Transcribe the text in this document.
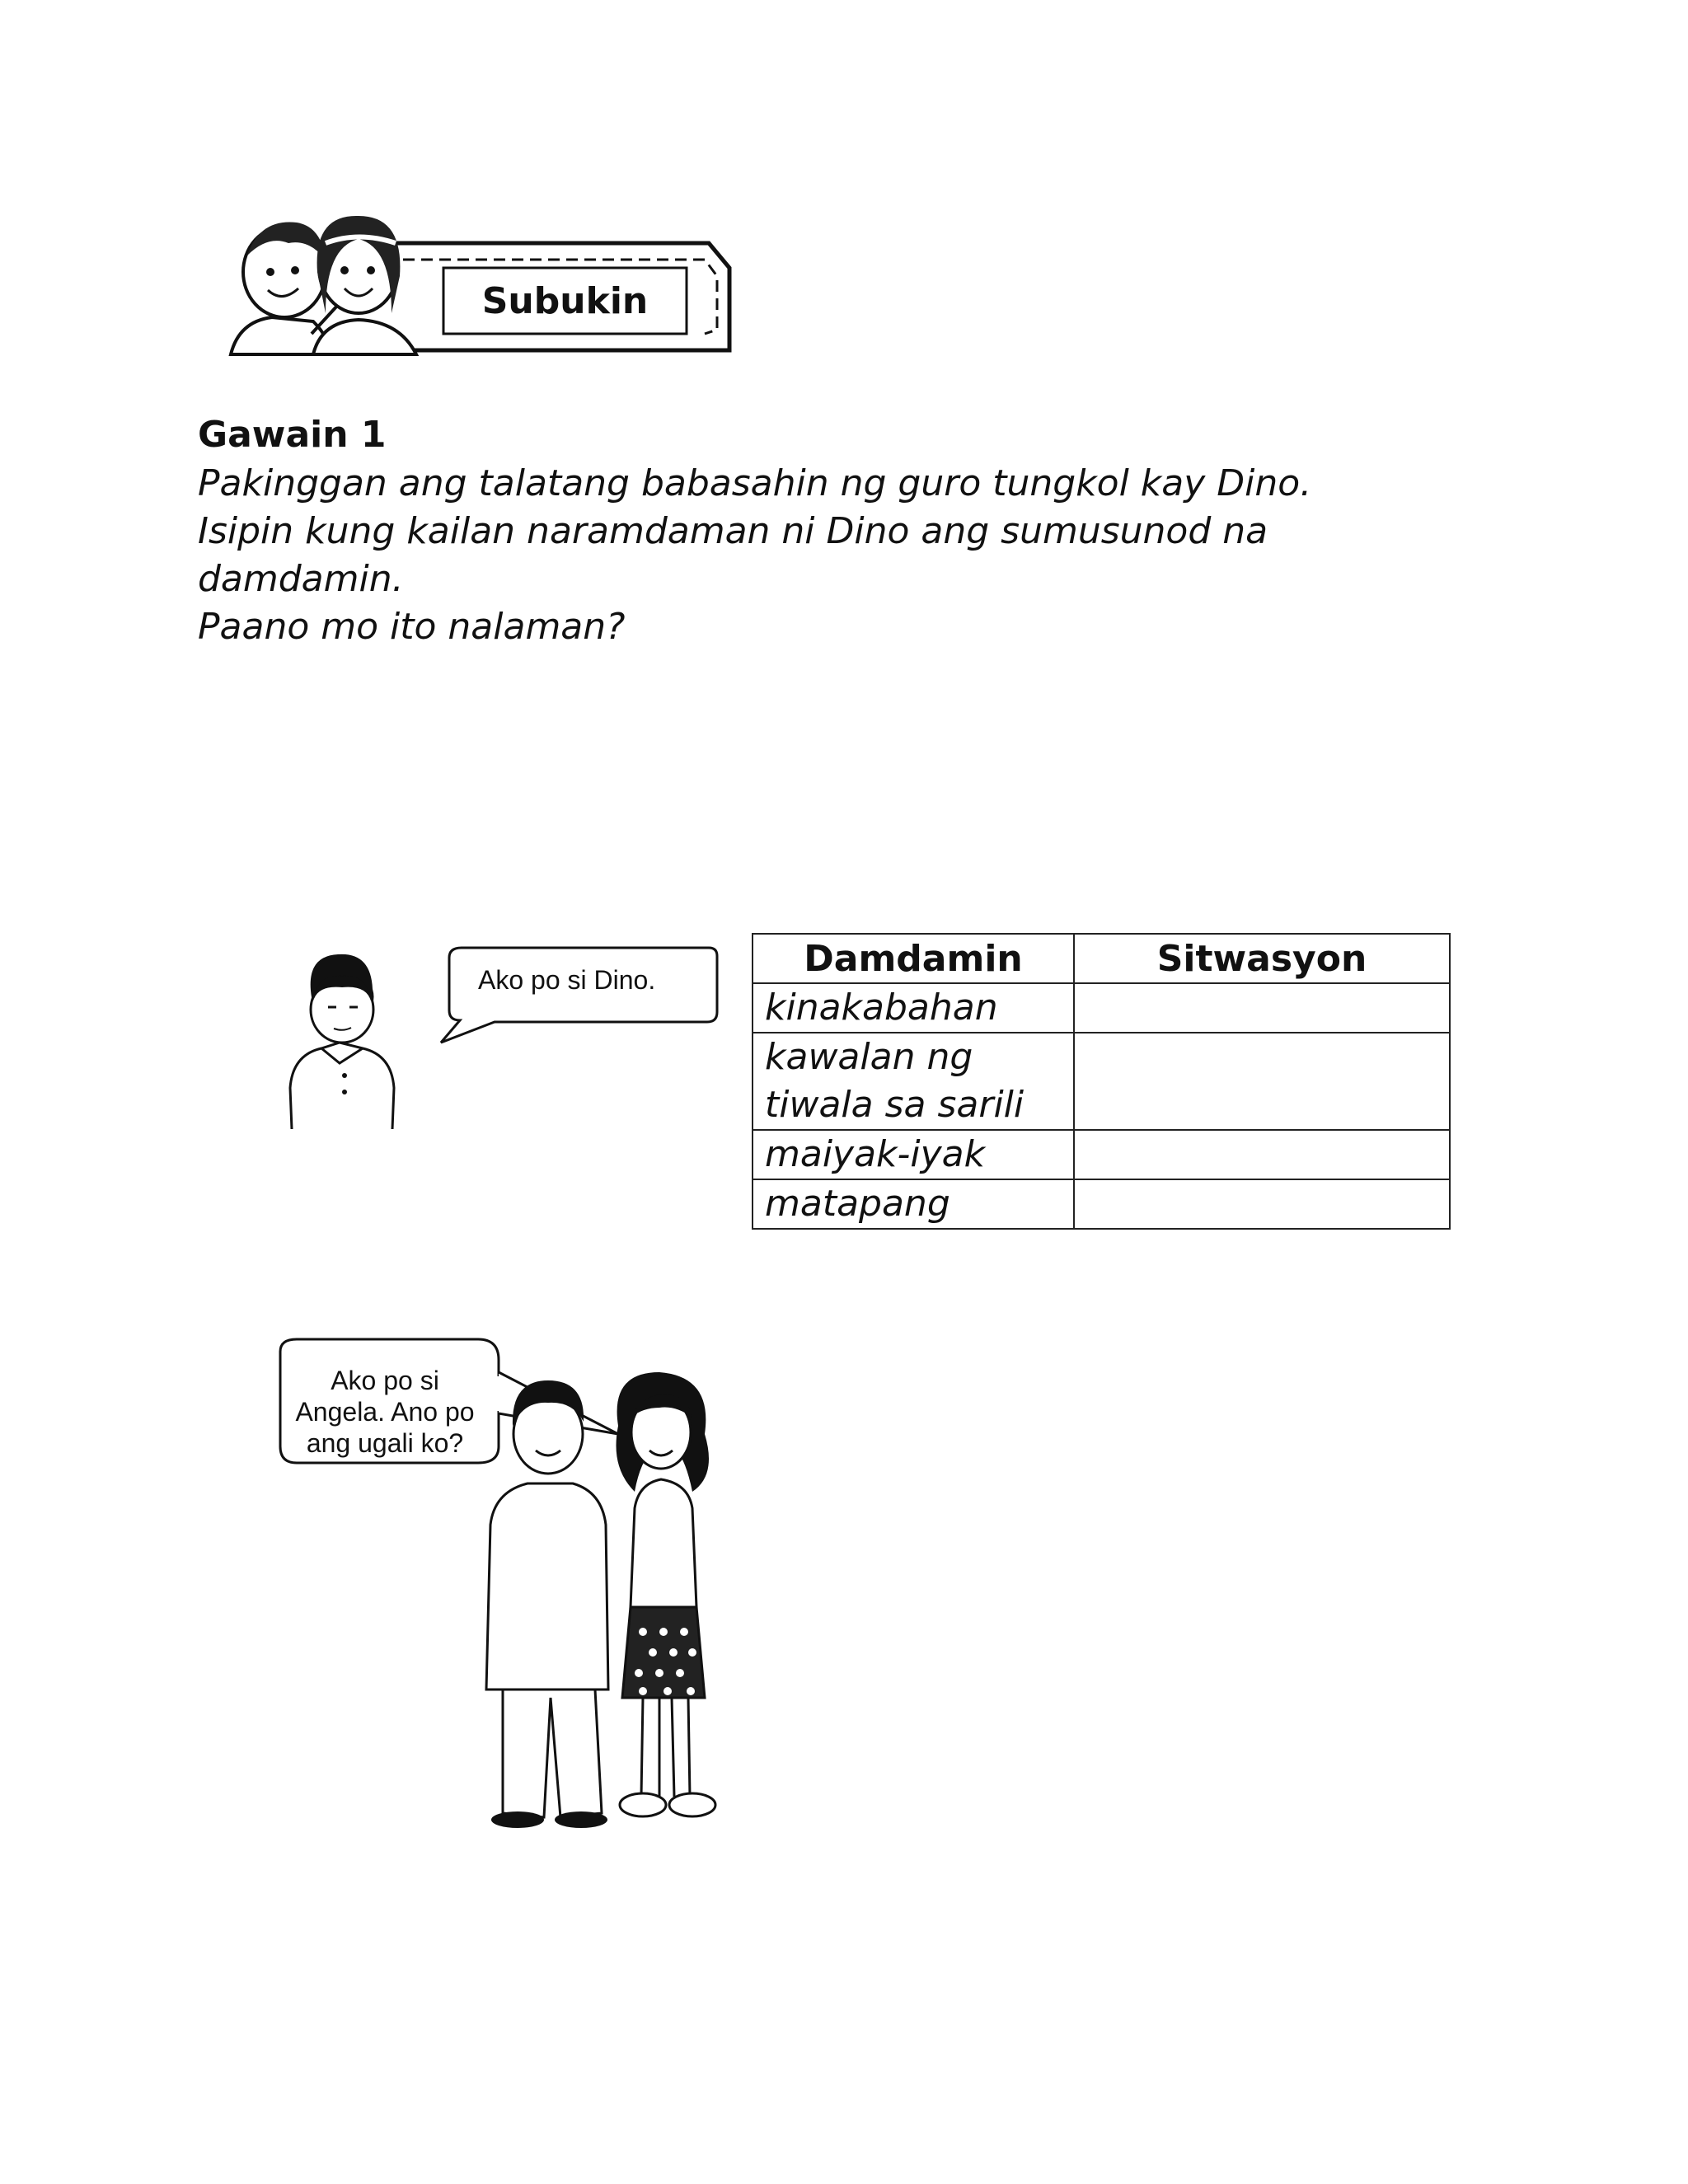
Subukin
Gawain 1
Pakinggan ang talatang babasahin ng guro tungkol kay Dino.
Isipin kung kailan naramdaman ni Dino ang sumusunod na
damdamin.
Paano mo ito nalaman?
Ako po si Dino.
Damdamin	Sitwasyon
kinakabahan	

kawalan ng
tiwala sa sarili	

maiyak-iyak	
matapang	
Ako po si
Angela. Ano po
ang ugali ko?
